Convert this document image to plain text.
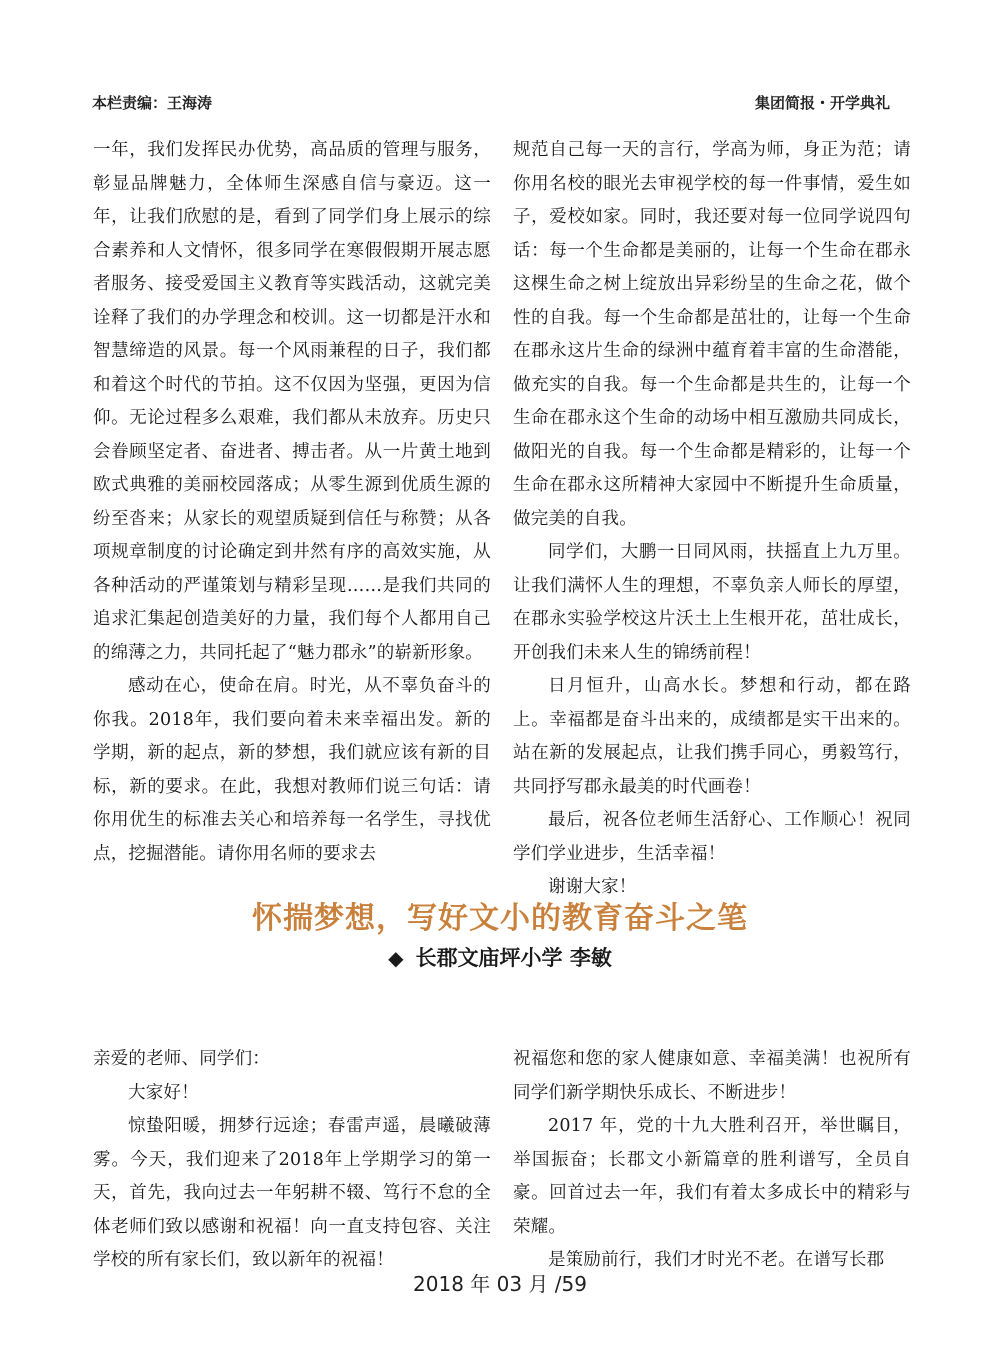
本栏责编：王海涛	集团简报・开学典礼

一年，我们发挥民办优势，高品质的管理与服务，彰显品牌魅力，全体师生深感自信与豪迈。这一年，让我们欣慰的是，看到了同学们身上展示的综合素养和人文情怀，很多同学在寒假假期开展志愿者服务、接受爱国主义教育等实践活动，这就完美诠释了我们的办学理念和校训。这一切都是汗水和智慧缔造的风景。每一个风雨兼程的日子，我们都和着这个时代的节拍。这不仅因为坚强，更因为信仰。无论过程多么艰难，我们都从未放弃。历史只会眷顾坚定者、奋进者、搏击者。从一片黄土地到欧式典雅的美丽校园落成；从零生源到优质生源的纷至沓来；从家长的观望质疑到信任与称赞；从各项规章制度的讨论确定到井然有序的高效实施，从各种活动的严谨策划与精彩呈现……是我们共同的追求汇集起创造美好的力量，我们每个人都用自己的绵薄之力，共同托起了“魅力郡永”的崭新形象。

感动在心，使命在肩。时光，从不辜负奋斗的你我。2018年，我们要向着未来幸福出发。新的学期，新的起点，新的梦想，我们就应该有新的目标，新的要求。在此，我想对教师们说三句话：请你用优生的标准去关心和培养每一名学生，寻找优点，挖掘潜能。请你用名师的要求去

规范自己每一天的言行，学高为师，身正为范；请你用名校的眼光去审视学校的每一件事情，爱生如子，爱校如家。同时，我还要对每一位同学说四句话：每一个生命都是美丽的，让每一个生命在郡永这棵生命之树上绽放出异彩纷呈的生命之花，做个性的自我。每一个生命都是茁壮的，让每一个生命在郡永这片生命的绿洲中蕴育着丰富的生命潜能，做充实的自我。每一个生命都是共生的，让每一个生命在郡永这个生命的动场中相互激励共同成长，做阳光的自我。每一个生命都是精彩的，让每一个生命在郡永这所精神大家园中不断提升生命质量，做完美的自我。

同学们，大鹏一日同风雨，扶摇直上九万里。让我们满怀人生的理想，不辜负亲人师长的厚望，在郡永实验学校这片沃土上生根开花，茁壮成长，开创我们未来人生的锦绣前程！

日月恒升，山高水长。梦想和行动，都在路上。幸福都是奋斗出来的，成绩都是实干出来的。站在新的发展起点，让我们携手同心，勇毅笃行，共同抒写郡永最美的时代画卷！

最后，祝各位老师生活舒心、工作顺心！祝同学们学业进步，生活幸福！

谢谢大家！

怀揣梦想，写好文小的教育奋斗之笔
◆ 长郡文庙坪小学 李敏

亲爱的老师、同学们：

大家好！

惊蛰阳暖，拥梦行远途；春雷声遥，晨曦破薄雾。今天，我们迎来了2018年上学期学习的第一天，首先，我向过去一年躬耕不辍、笃行不怠的全体老师们致以感谢和祝福！向一直支持包容、关注学校的所有家长们，致以新年的祝福！

祝福您和您的家人健康如意、幸福美满！也祝所有同学们新学期快乐成长、不断进步！

2017 年，党的十九大胜利召开，举世瞩目，举国振奋；长郡文小新篇章的胜利谱写，全员自豪。回首过去一年，我们有着太多成长中的精彩与荣耀。

是策励前行，我们才时光不老。在谱写长郡

2018 年 03 月 /59
